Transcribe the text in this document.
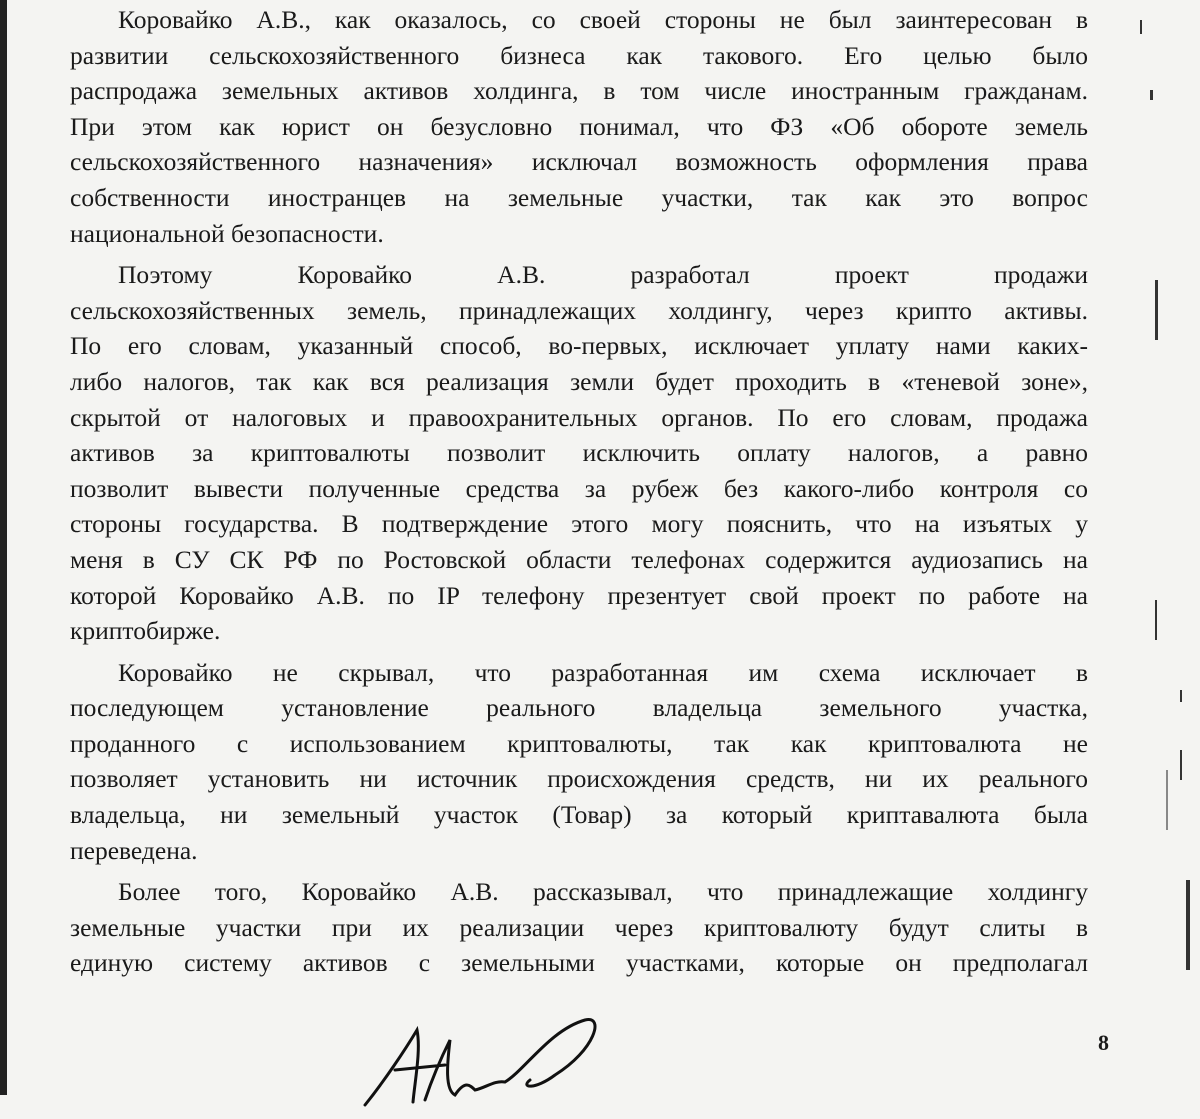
Коровайко А.В., как оказалось, со своей стороны не был заинтересован в
развитии сельскохозяйственного бизнеса как такового. Его целью было
распродажа земельных активов холдинга, в том числе иностранным гражданам.
При этом как юрист он безусловно понимал, что ФЗ «Об обороте земель
сельскохозяйственного назначения» исключал возможность оформления права
собственности иностранцев на земельные участки, так как это вопрос
национальной безопасности.
Поэтому Коровайко А.В. разработал проект продажи
сельскохозяйственных земель, принадлежащих холдингу, через крипто активы.
По его словам, указанный способ, во-первых, исключает уплату нами каких-
либо налогов, так как вся реализация земли будет проходить в «теневой зоне»,
скрытой от налоговых и правоохранительных органов. По его словам, продажа
активов за криптовалюты позволит исключить оплату налогов, а равно
позволит вывести полученные средства за рубеж без какого-либо контроля со
стороны государства. В подтверждение этого могу пояснить, что на изъятых у
меня в СУ СК РФ по Ростовской области телефонах содержится аудиозапись на
которой Коровайко А.В. по IP телефону презентует свой проект по работе на
криптобирже.
Коровайко не скрывал, что разработанная им схема исключает в
последующем установление реального владельца земельного участка,
проданного с использованием криптовалюты, так как криптовалюта не
позволяет установить ни источник происхождения средств, ни их реального
владельца, ни земельный участок (Товар) за который криптавалюта была
переведена.
Более того, Коровайко А.В. рассказывал, что принадлежащие холдингу
земельные участки при их реализации через криптовалюту будут слиты в
единую систему активов с земельными участками, которые он предполагал
8
